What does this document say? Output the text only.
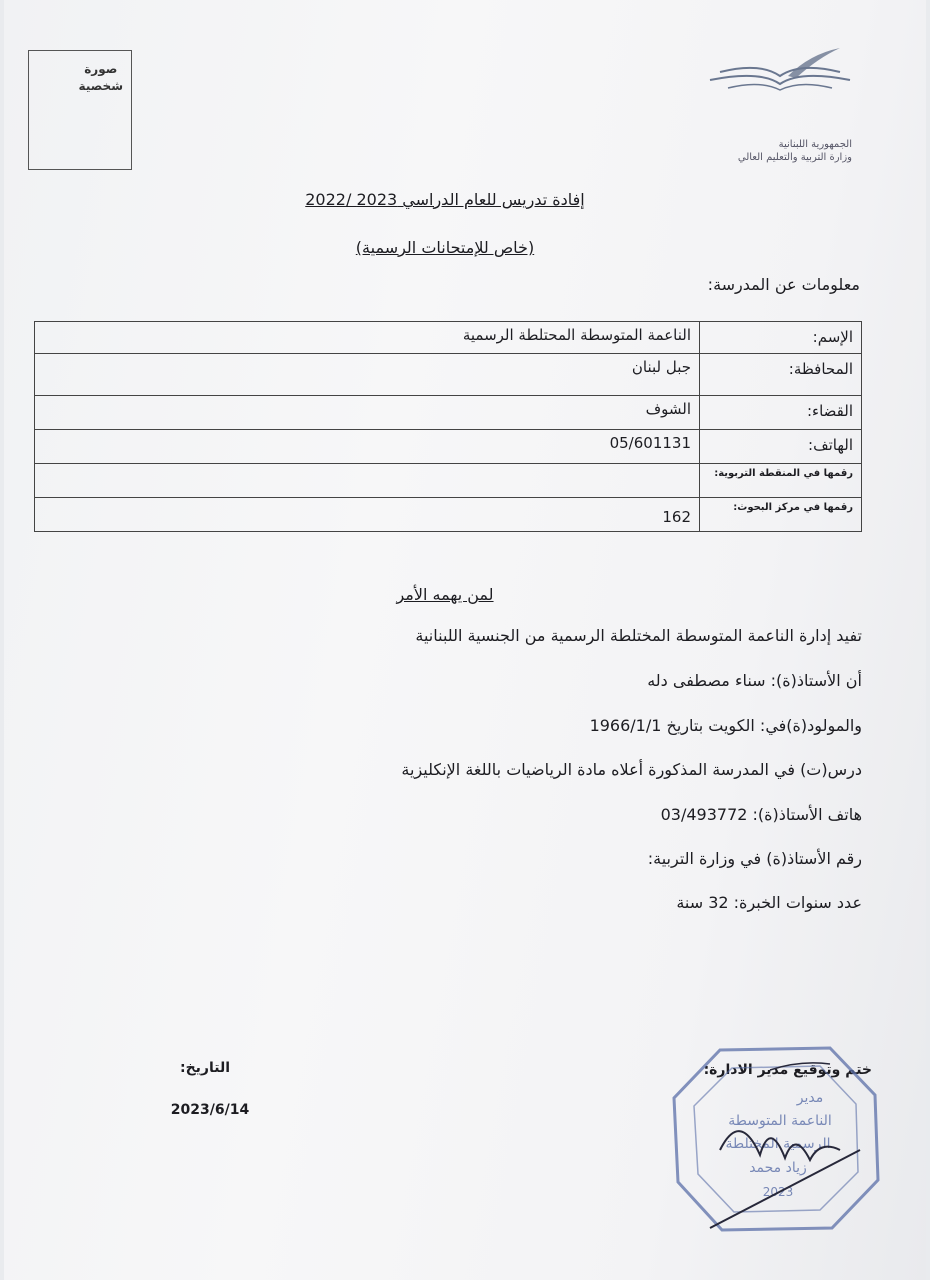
صورة
شخصية
الجمهورية اللبنانية
وزارة التربية والتعليم العالي
إفادة تدريس للعام الدراسي 2023 /2022
(خاص للإمتحانات الرسمية)
معلومات عن المدرسة:
الإسم:	الناعمة المتوسطة المحتلطة الرسمية
المحافظة:	جبل لبنان
القضاء:	الشوف
الهاتف:	05/601131
رقمها في المنقطة التربوية:	
رقمها في مركز البحوث:	162
لمن يهمه الأمر
تفيد إدارة الناعمة المتوسطة المختلطة الرسمية من الجنسية اللبنانية
أن الأستاذ(ة): سناء مصطفى دله
والمولود(ة)في: الكويت بتاريخ 1966/1/1
درس(ت) في المدرسة المذكورة أعلاه مادة الرياضيات باللغة الإنكليزية
هاتف الأستاذ(ة): 03/493772
رقم الأستاذ(ة) في وزارة التربية:
عدد سنوات الخبرة: 32 سنة
التاريخ:
2023/6/14
ختم وتوقيع مدير الادارة:
مدير
الناعمة المتوسطة
الرسمية المختلطة
زياد محمد
2023
